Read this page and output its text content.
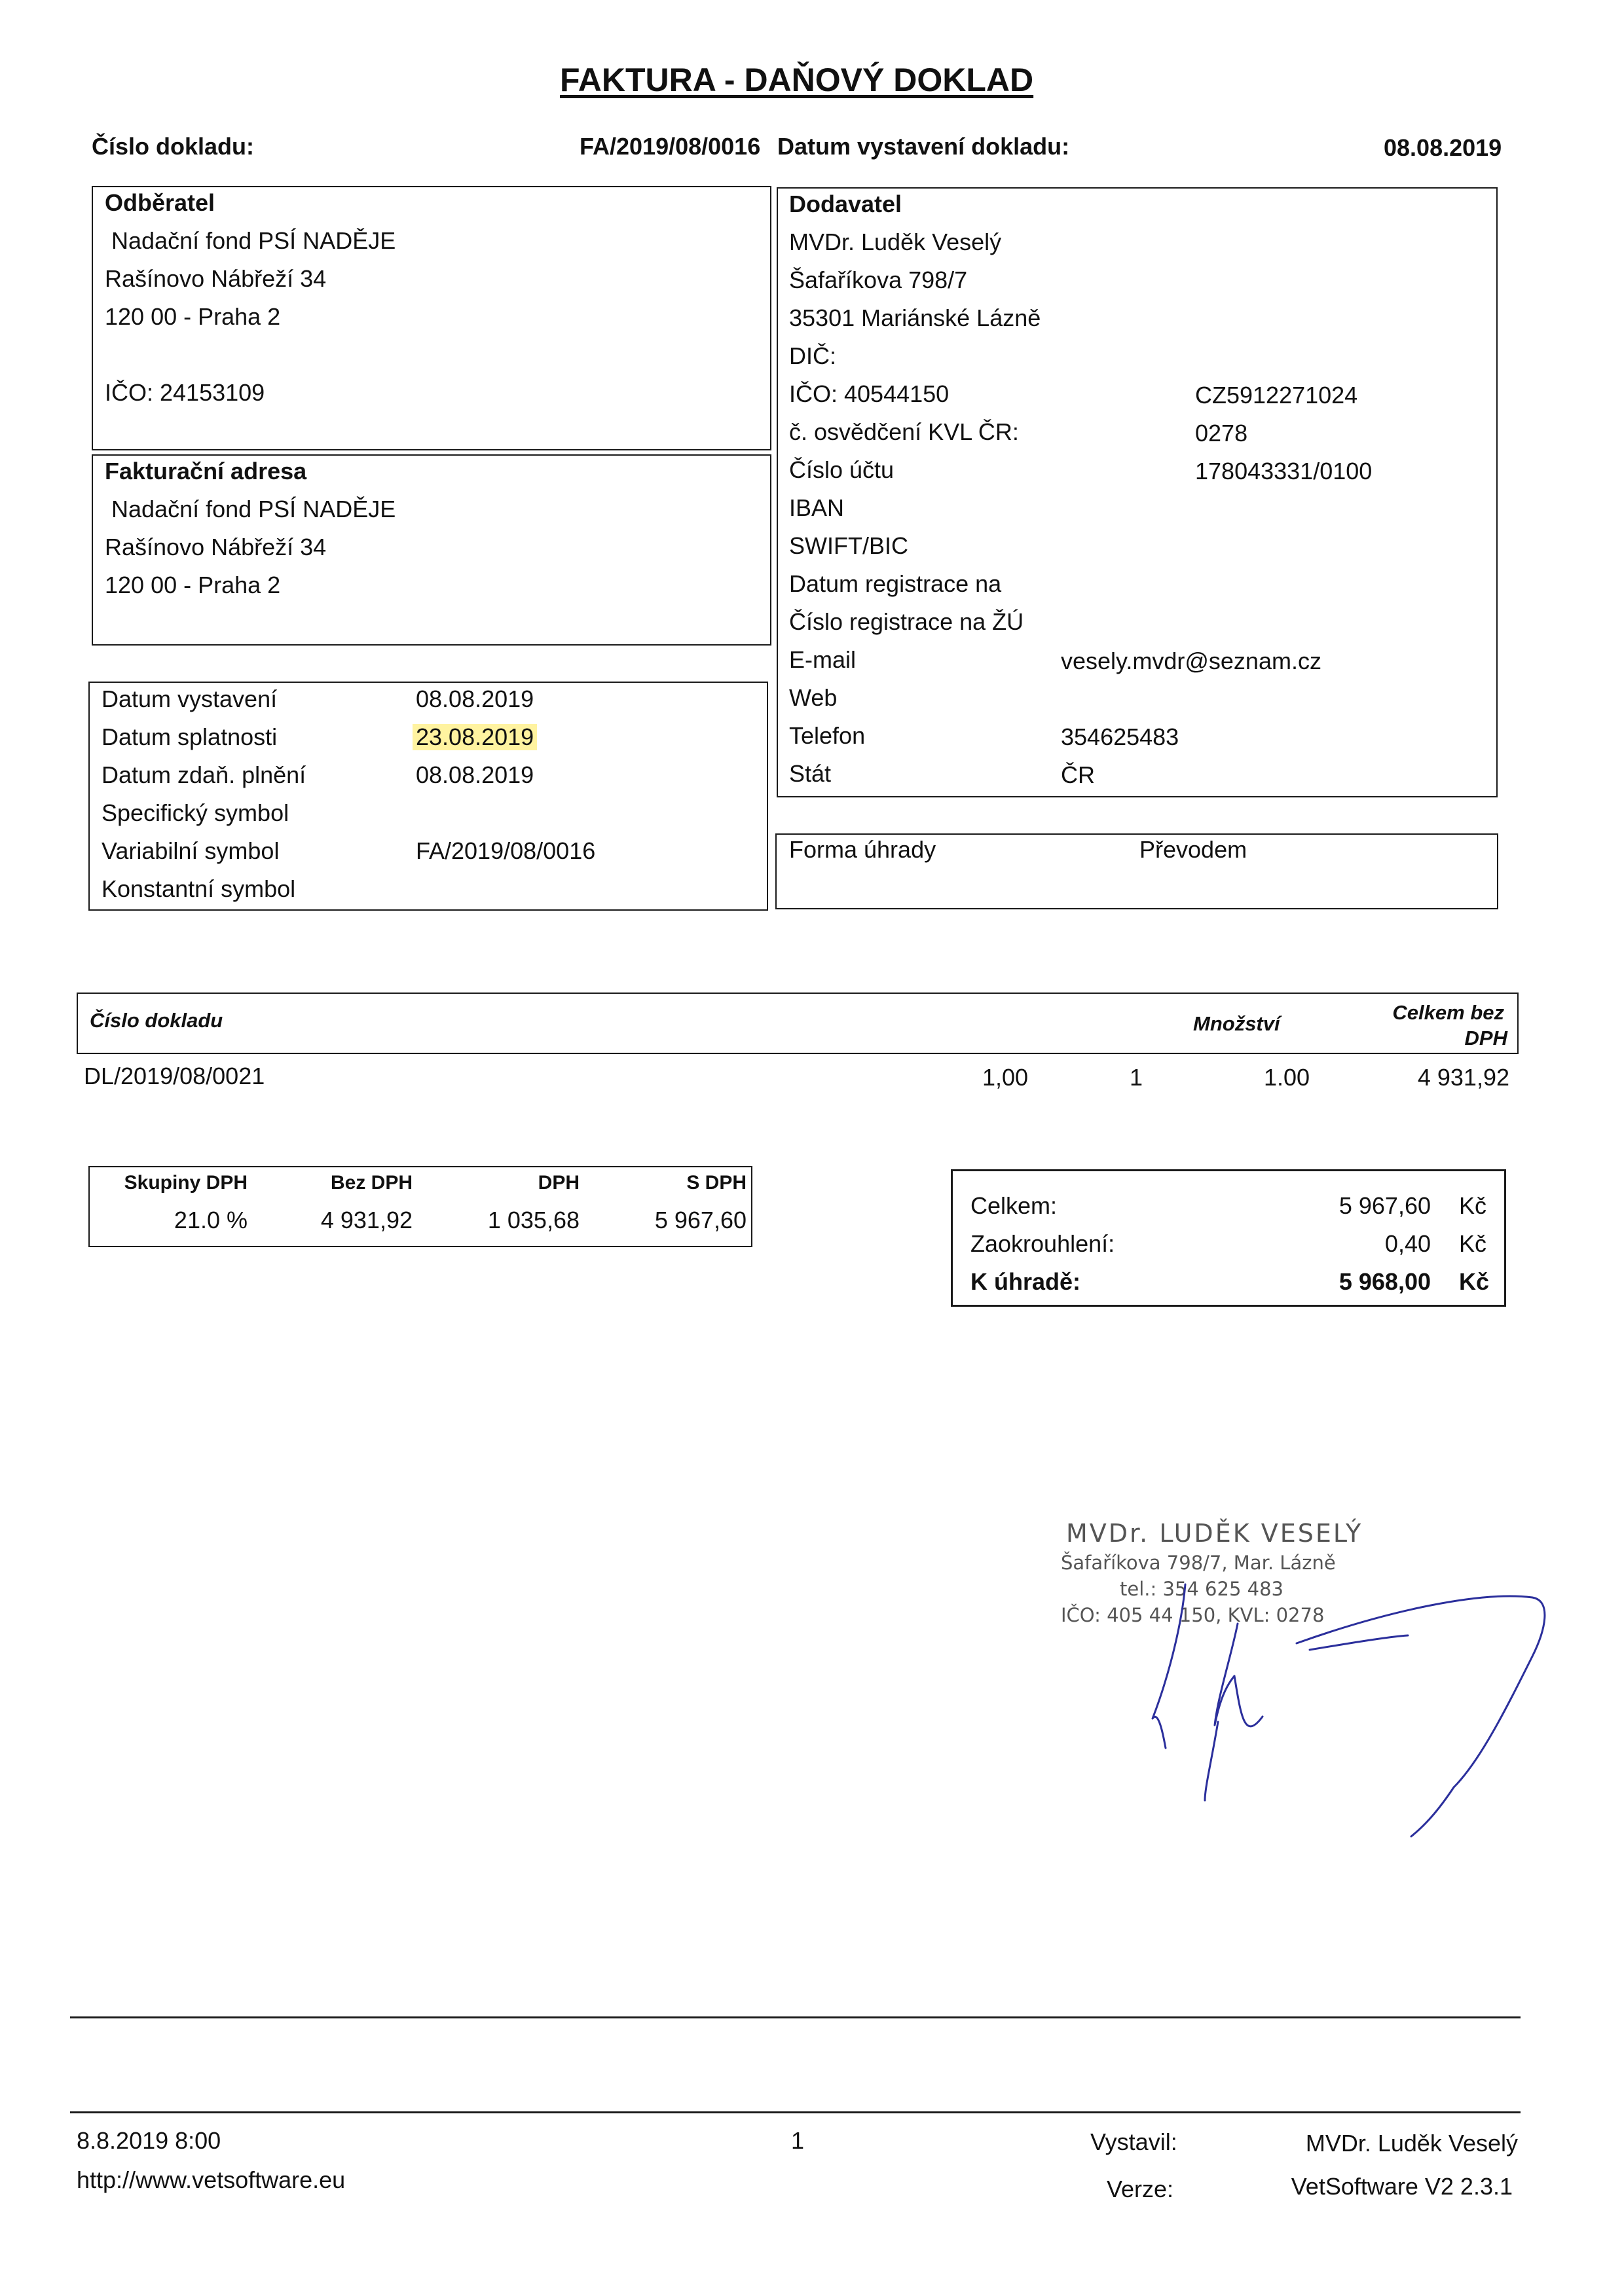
FAKTURA - DAŇOVÝ DOKLAD
Číslo dokladu:	FA/2019/08/0016 Datum vystavení dokladu:	08.08.2019
Odběratel
Nadační fond PSÍ NADĚJE
Rašínovo Nábřeží 34
120 00 - Praha 2
IČO: 24153109
Fakturační adresa
Nadační fond PSÍ NADĚJE
Rašínovo Nábřeží 34
120 00 - Praha 2
Datum vystavení	08.08.2019
Datum splatnosti	23.08.2019
Datum zdaň. plnění	08.08.2019
Specifický symbol
Variabilní symbol	FA/2019/08/0016
Konstantní symbol
Dodavatel
MVDr. Luděk Veselý
Šafaříkova 798/7
35301 Mariánské Lázně
DIČ:
IČO: 40544150	CZ5912271024
č. osvědčení KVL ČR:	0278
Číslo účtu	178043331/0100
IBAN
SWIFT/BIC
Datum registrace na
Číslo registrace na ŽÚ
E-mail	vesely.mvdr@seznam.cz
Web
Telefon	354625483
Stát	ČR
Forma úhrady	Převodem
Číslo dokladu	Množství	Celkem bez
DPH
DL/2019/08/0021	1,00	1	1.00	4 931,92
Skupiny DPH	Bez DPH	DPH	S DPH
21.0 %	4 931,92	1 035,68	5 967,60
Celkem:	5 967,60 Kč
Zaokrouhlení:	0,40 Kč
K úhradě:	5 968,00 Kč
MVDr. LUDĚK VESELÝ
Šafaříkova 798/7, Mar. Lázně
tel.: 354 625 483
IČO: 405 44 150, KVL: 0278
8.8.2019 8:00
http://www.vetsoftware.eu
1	Vystavil:	MVDr. Luděk Veselý
Verze:	VetSoftware V2 2.3.1
